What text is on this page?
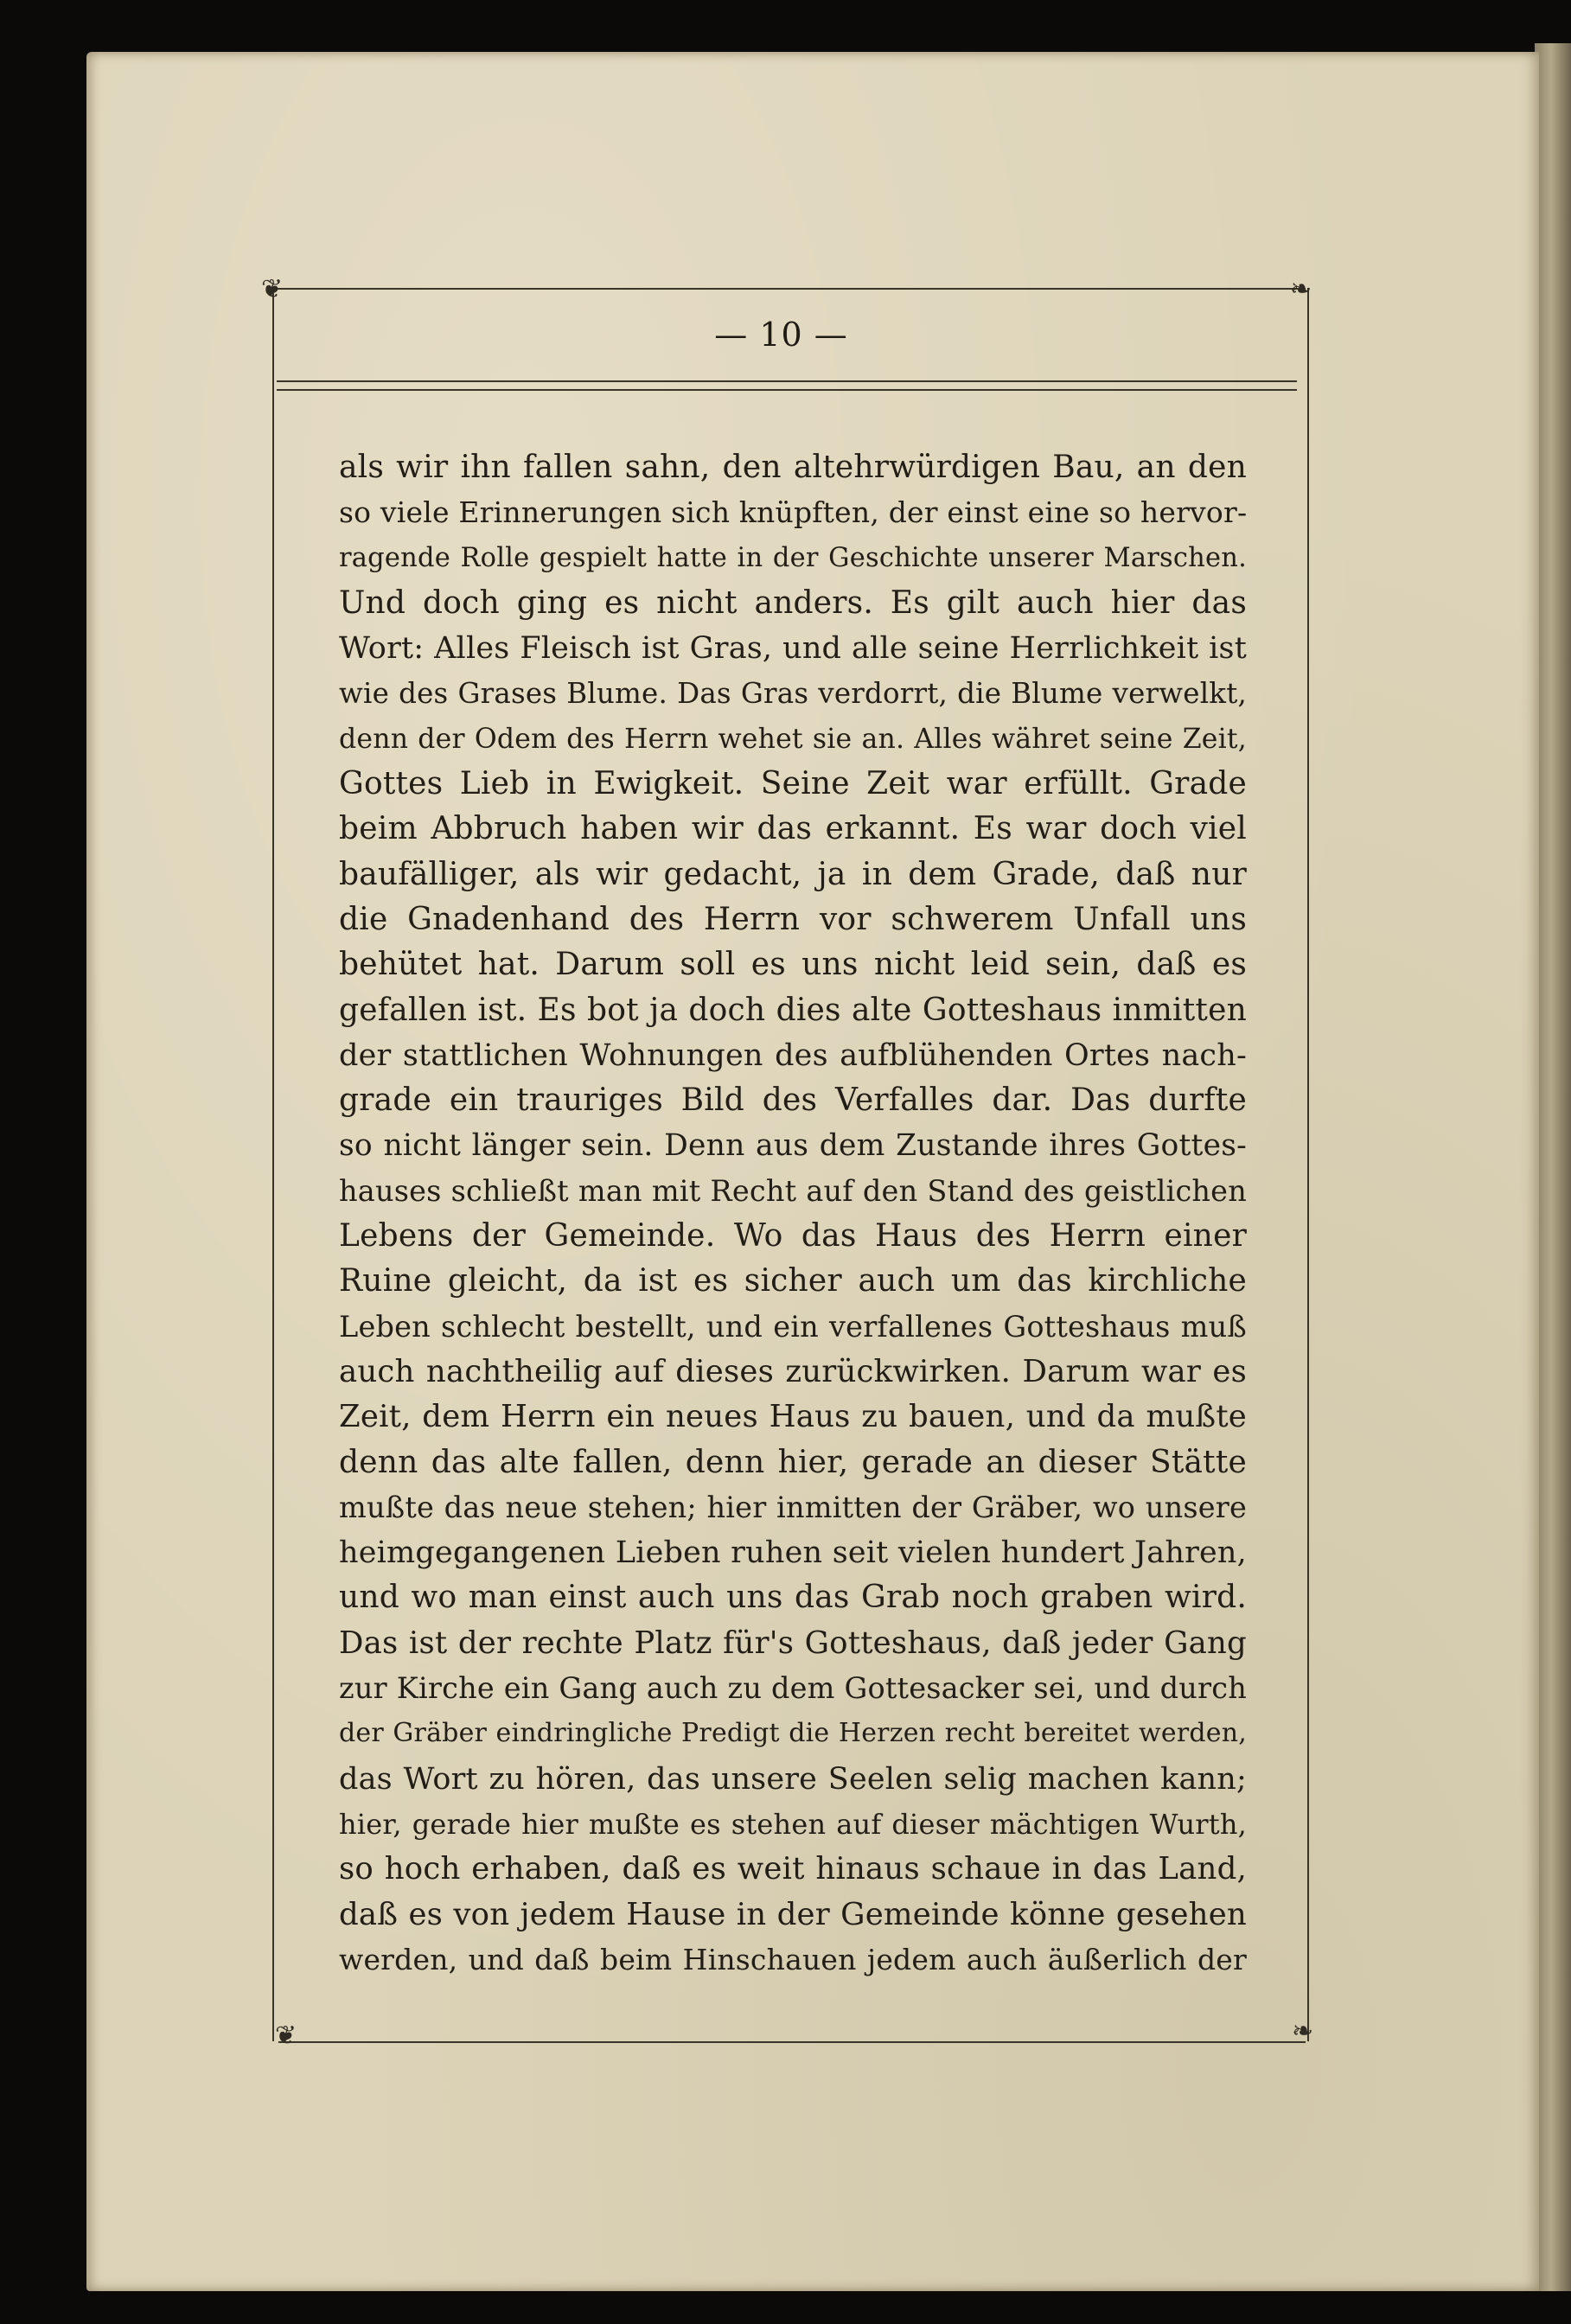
❦	❧
❦	❧
— 10 —
als wir ihn fallen sahn, den altehrwürdigen Bau, an den
so viele Erinnerungen sich knüpften, der einst eine so hervor-
ragende Rolle gespielt hatte in der Geschichte unserer Marschen.
Und doch ging es nicht anders. Es gilt auch hier das
Wort: Alles Fleisch ist Gras, und alle seine Herrlichkeit ist
wie des Grases Blume. Das Gras verdorrt, die Blume verwelkt,
denn der Odem des Herrn wehet sie an. Alles währet seine Zeit,
Gottes Lieb in Ewigkeit. Seine Zeit war erfüllt. Grade
beim Abbruch haben wir das erkannt. Es war doch viel
baufälliger, als wir gedacht, ja in dem Grade, daß nur
die Gnadenhand des Herrn vor schwerem Unfall uns
behütet hat. Darum soll es uns nicht leid sein, daß es
gefallen ist. Es bot ja doch dies alte Gotteshaus inmitten
der stattlichen Wohnungen des aufblühenden Ortes nach-
grade ein trauriges Bild des Verfalles dar. Das durfte
so nicht länger sein. Denn aus dem Zustande ihres Gottes-
hauses schließt man mit Recht auf den Stand des geistlichen
Lebens der Gemeinde. Wo das Haus des Herrn einer
Ruine gleicht, da ist es sicher auch um das kirchliche
Leben schlecht bestellt, und ein verfallenes Gotteshaus muß
auch nachtheilig auf dieses zurückwirken. Darum war es
Zeit, dem Herrn ein neues Haus zu bauen, und da mußte
denn das alte fallen, denn hier, gerade an dieser Stätte
mußte das neue stehen; hier inmitten der Gräber, wo unsere
heimgegangenen Lieben ruhen seit vielen hundert Jahren,
und wo man einst auch uns das Grab noch graben wird.
Das ist der rechte Platz für's Gotteshaus, daß jeder Gang
zur Kirche ein Gang auch zu dem Gottesacker sei, und durch
der Gräber eindringliche Predigt die Herzen recht bereitet werden,
das Wort zu hören, das unsere Seelen selig machen kann;
hier, gerade hier mußte es stehen auf dieser mächtigen Wurth,
so hoch erhaben, daß es weit hinaus schaue in das Land,
daß es von jedem Hause in der Gemeinde könne gesehen
werden, und daß beim Hinschauen jedem auch äußerlich der
